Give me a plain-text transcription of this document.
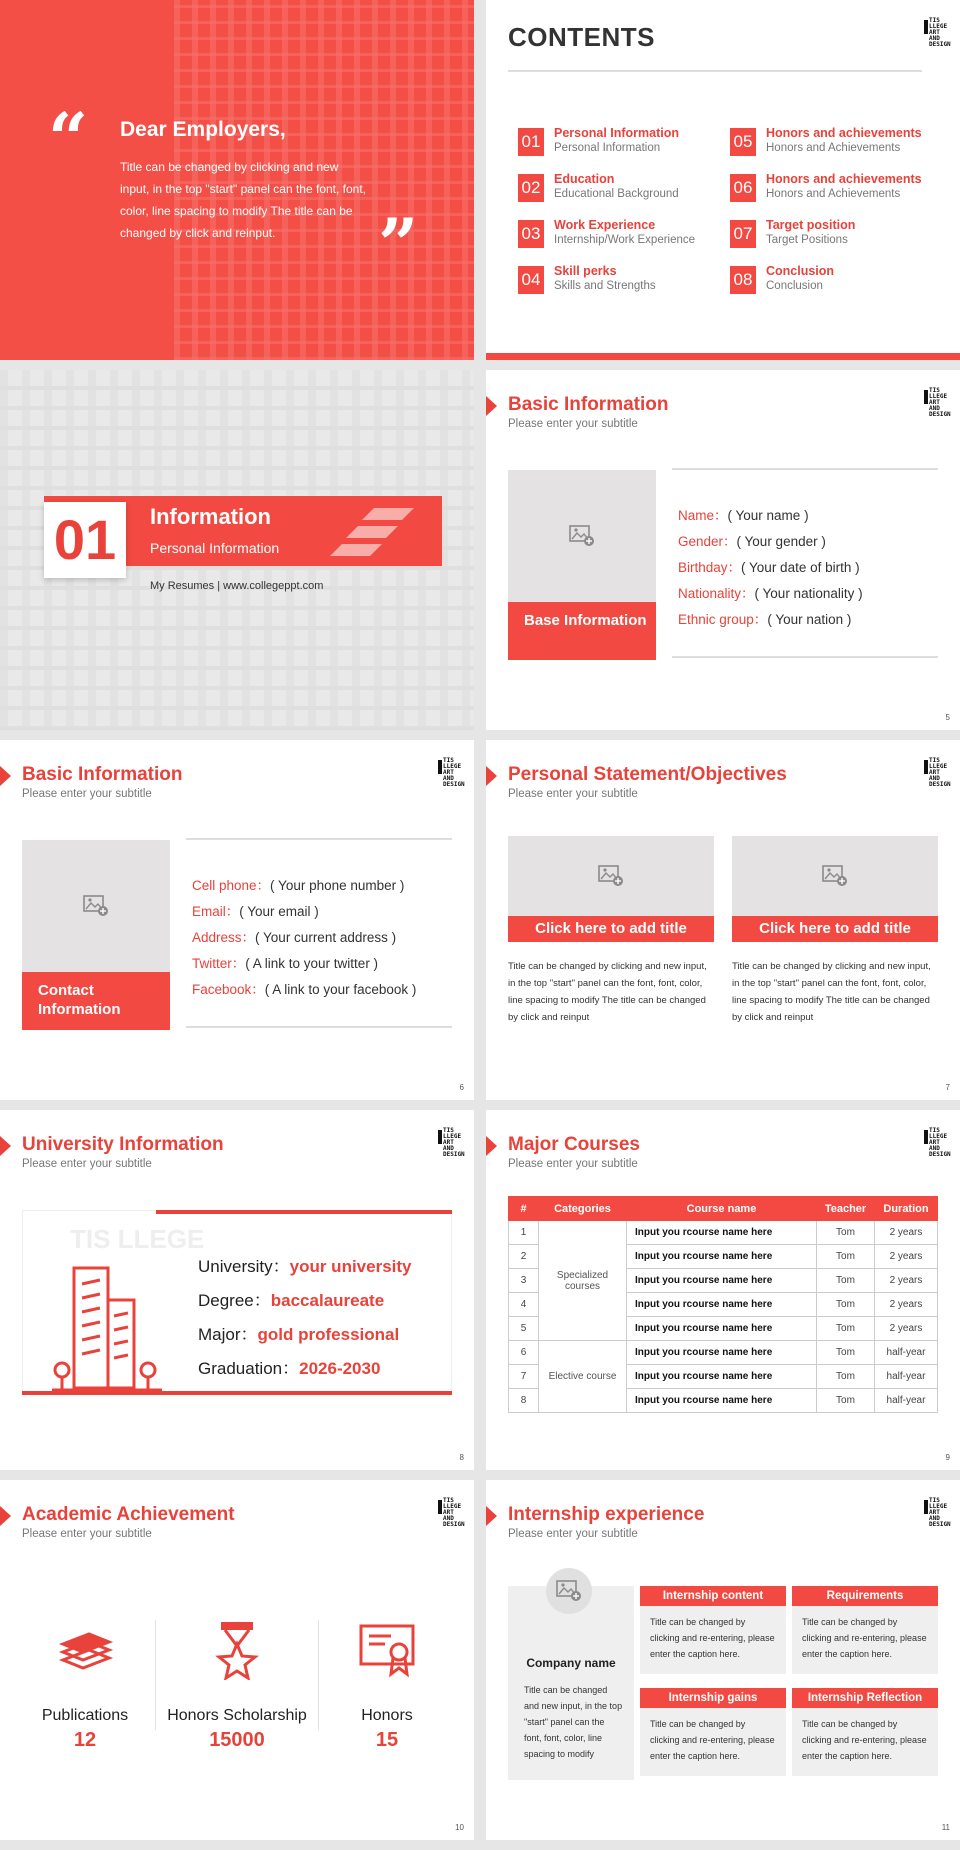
“ Dear Employers,
Title can be changed by clicking and new input, in the top "start" panel can the font, font, color, line spacing to modify The title can be changed by click and reinput.	”
CONTENTS
TIS
LLEGE
ART
AND
DESIGN
01 Personal Information
Personal Information
02 Education
Educational Background
03 Work Experience
Internship/Work Experience
04 Skill perks
Skills and Strengths
05 Honors and achievements
Honors and Achievements
06 Honors and achievements
Honors and Achievements
07 Target position
Target Positions
08 Conclusion
Conclusion
01	Information
Personal Information
My Resumes | www.collegeppt.com
Basic Information
Please enter your subtitle
TIS
LLEGE
ART
AND
DESIGN
Base Information
Name：( Your name )
Gender：( Your gender )
Birthday：( Your date of birth )
Nationality：( Your nationality )
Ethnic group：( Your nation )
5
Basic Information
Please enter your subtitle
TIS
LLEGE
ART
AND
DESIGN
Contact Information
Cell phone：( Your phone number )
Email：( Your email )
Address：( Your current address )
Twitter：( A link to your twitter )
Facebook：( A link to your facebook )
6
Personal Statement/Objectives
Please enter your subtitle
TIS
LLEGE
ART
AND
DESIGN
Click here to add title
Title can be changed by clicking and new input, in the top "start" panel can the font, font, color, line spacing to modify The title can be changed by click and reinput
Click here to add title
Title can be changed by clicking and new input, in the top "start" panel can the font, font, color, line spacing to modify The title can be changed by click and reinput
7
University Information
Please enter your subtitle
TIS
LLEGE
ART
AND
DESIGN
TIS LLEGE
University：your university
Degree：baccalaureate
Major：gold professional
Graduation：2026-2030
8
Major Courses
Please enter your subtitle
TIS
LLEGE
ART
AND
DESIGN
#	Categories	Course name	Teacher	Duration
1	Specialized courses	Input you rcourse name here	Tom	2 years
2		Input you rcourse name here	Tom	2 years
3		Input you rcourse name here	Tom	2 years
4		Input you rcourse name here	Tom	2 years
5		Input you rcourse name here	Tom	2 years
6	Elective course	Input you rcourse name here	Tom	half-year
7		Input you rcourse name here	Tom	half-year
8		Input you rcourse name here	Tom	half-year
9
Academic Achievement
Please enter your subtitle
TIS
LLEGE
ART
AND
DESIGN
Publications
12
Honors Scholarship
15000
Honors
15
10
Internship experience
Please enter your subtitle
TIS
LLEGE
ART
AND
DESIGN
Company name
Title can be changed and new input, in the top "start" panel can the font, font, color, line spacing to modify
Internship content
Title can be changed by clicking and re-entering, please enter the caption here.
Requirements
Title can be changed by clicking and re-entering, please enter the caption here.
Internship gains
Title can be changed by clicking and re-entering, please enter the caption here.
Internship Reflection
Title can be changed by clicking and re-entering, please enter the caption here.
11
